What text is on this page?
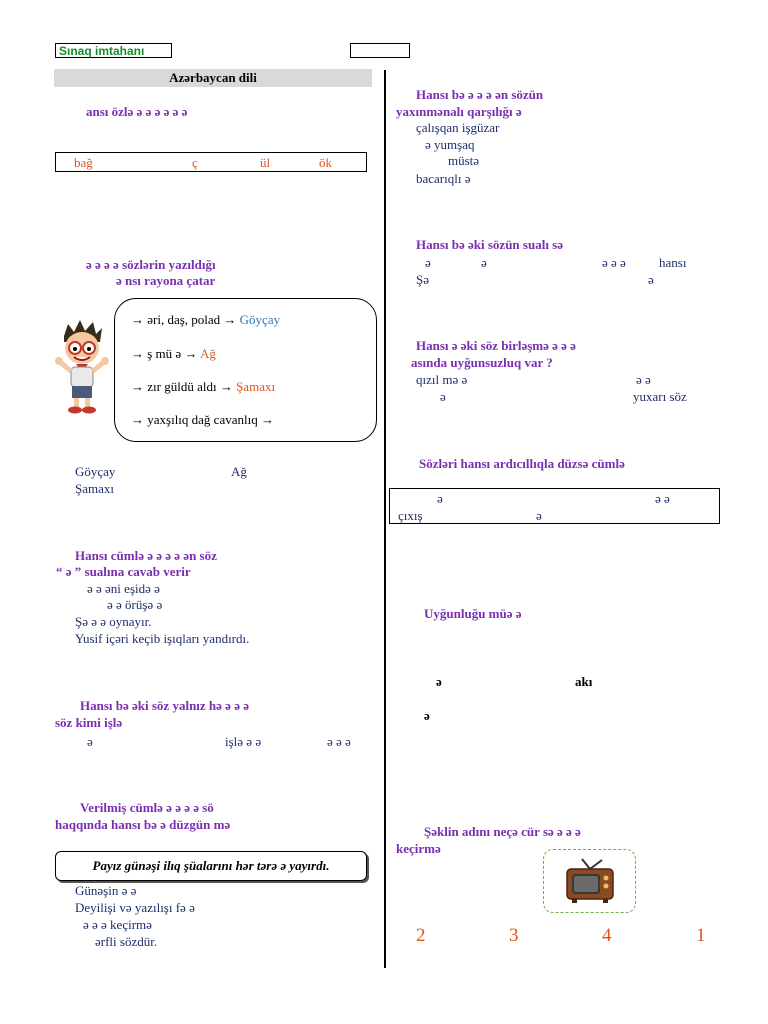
Sınaq imtahanı
Azərbaycan dili
ansı özlə ə ə ə ə ə ə
bağ	ç	ül	ök
ə ə ə ə sözlərin yazıldığı
ə nsı rayona çatar
→ əri, daş, polad → Göyçay
→ ş mü ə → Ağ
→ zır güldü aldı → Şamaxı
→ yaxşılıq dağ cavanlıq →
Göyçay	Ağ
Şamaxı
Hansı cümlə ə ə ə ə ən söz
“ ə ” sualına cavab verir
ə ə əni eşidə ə
ə ə örüşə ə
Şə ə ə oynayır.
Yusif içəri keçib işıqları yandırdı.
Hansı bə əki söz yalnız hə ə ə ə
söz kimi işlə
ə	işlə ə ə	ə ə ə
Verilmiş cümlə ə ə ə ə sö
haqqında hansı bə ə düzgün mə
Payız günəşi ilıq şüalarını hər tərə ə yayırdı.
Günəşin ə ə
Deyilişi və yazılışı fə ə
ə ə ə keçirmə
ərfli sözdür.
Hansı bə ə ə ə ən sözün
yaxınmənalı qarşılığı ə
çalışqan işgüzar
ə yumşaq
müstə
bacarıqlı ə
Hansı bə əki sözün sualı sə
ə	ə	ə ə ə	hansı
Şə	ə
Hansı ə əki söz birləşmə ə ə ə
asında uyğunsuzluq var ?
qızıl mə ə	ə ə
ə	yuxarı söz
Sözləri hansı ardıcıllıqla düzsə cümlə
ə	ə ə
çıxış	ə
Uyğunluğu müə ə
ə	akı
ə
Şəklin adını neçə cür sə ə ə ə
keçirmə
2	3	4	1
